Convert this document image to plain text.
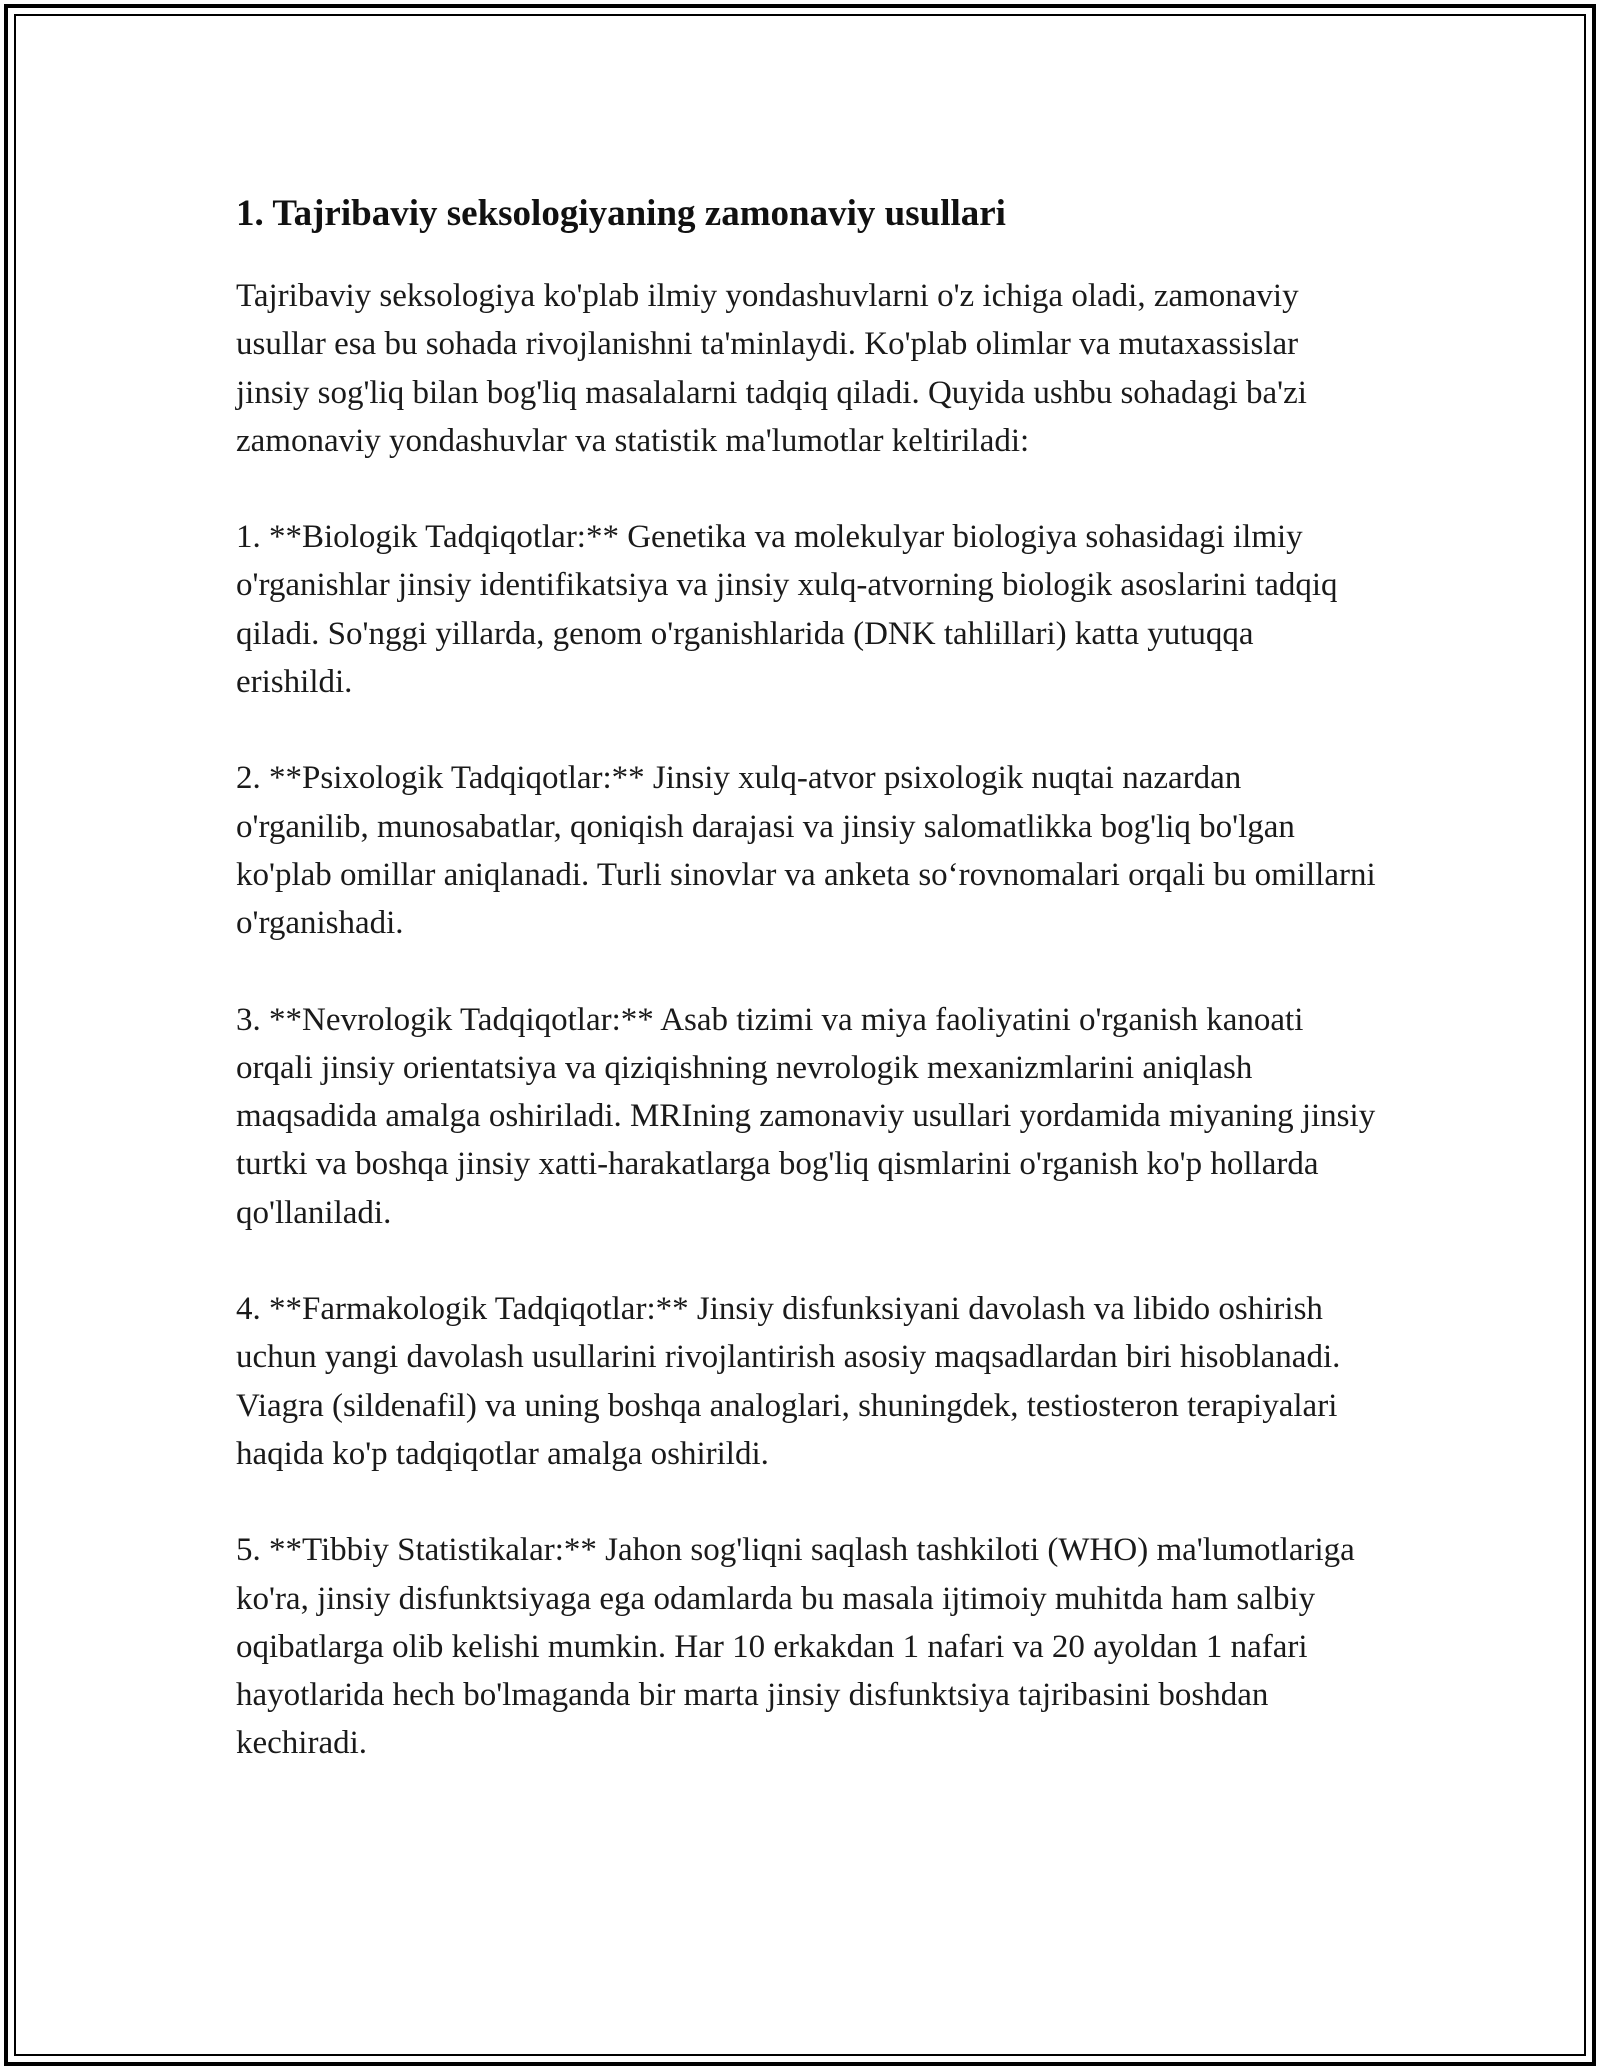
1. Tajribaviy seksologiyaning zamonaviy usullari

Tajribaviy seksologiya ko'plab ilmiy yondashuvlarni o'z ichiga oladi, zamonaviy usullar esa bu sohada rivojlanishni ta'minlaydi. Ko'plab olimlar va mutaxassislar jinsiy sog'liq bilan bog'liq masalalarni tadqiq qiladi. Quyida ushbu sohadagi ba'zi zamonaviy yondashuvlar va statistik ma'lumotlar keltiriladi:

1. **Biologik Tadqiqotlar:** Genetika va molekulyar biologiya sohasidagi ilmiy o'rganishlar jinsiy identifikatsiya va jinsiy xulq-atvorning biologik asoslarini tadqiq qiladi. So'nggi yillarda, genom o'rganishlarida (DNK tahlillari) katta yutuqqa erishildi.

2. **Psixologik Tadqiqotlar:** Jinsiy xulq-atvor psixologik nuqtai nazardan o'rganilib, munosabatlar, qoniqish darajasi va jinsiy salomatlikka bog'liq bo'lgan ko'plab omillar aniqlanadi. Turli sinovlar va anketa so‘rovnomalari orqali bu omillarni o'rganishadi.

3. **Nevrologik Tadqiqotlar:** Asab tizimi va miya faoliyatini o'rganish kanoati orqali jinsiy orientatsiya va qiziqishning nevrologik mexanizmlarini aniqlash maqsadida amalga oshiriladi. MRIning zamonaviy usullari yordamida miyaning jinsiy turtki va boshqa jinsiy xatti-harakatlarga bog'liq qismlarini o'rganish ko'p hollarda qo'llaniladi.

4. **Farmakologik Tadqiqotlar:** Jinsiy disfunksiyani davolash va libido oshirish uchun yangi davolash usullarini rivojlantirish asosiy maqsadlardan biri hisoblanadi. Viagra (sildenafil) va uning boshqa analoglari, shuningdek, testiosteron terapiyalari haqida ko'p tadqiqotlar amalga oshirildi.

5. **Tibbiy Statistikalar:** Jahon sog'liqni saqlash tashkiloti (WHO) ma'lumotlariga ko'ra, jinsiy disfunktsiyaga ega odamlarda bu masala ijtimoiy muhitda ham salbiy oqibatlarga olib kelishi mumkin. Har 10 erkakdan 1 nafari va 20 ayoldan 1 nafari hayotlarida hech bo'lmaganda bir marta jinsiy disfunktsiya tajribasini boshdan kechiradi.
